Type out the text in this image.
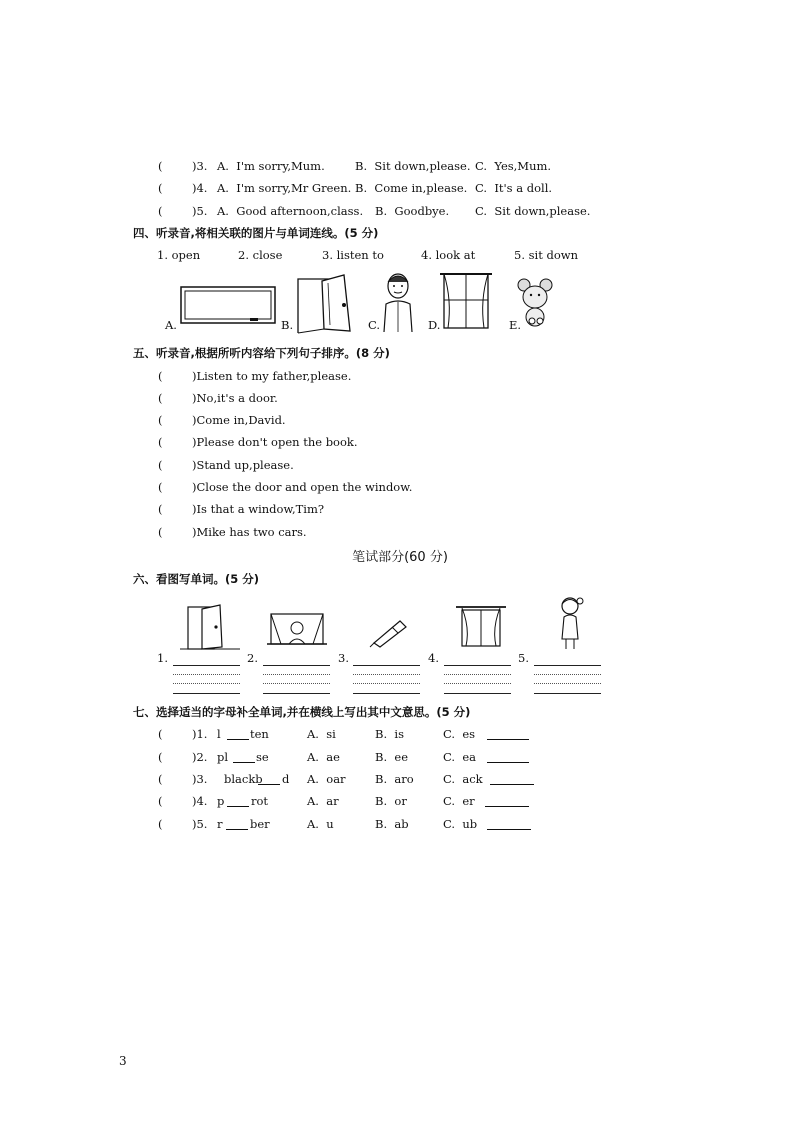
(	)3. A.  I'm sorry,Mum.	B.  Sit down,please. C.  Yes,Mum.
(	)4. A.  I'm sorry,Mr Green. B.  Come in,please. C.  It's a doll.
(	)5. A.  Good afternoon,class. B.  Goodbye. C.  Sit down,please.
四、听录音,将相关联的图片与单词连线。(5 分)
1. open	2. close	3. listen to	4. look at	5. sit down
A.	B.	C.	D.	E.
五、听录音,根据所听内容给下列句子排序。(8 分)
(	)Listen to my father,please.
(	)No,it's a door.
(	)Come in,David.
(	)Please don't open the book.
(	)Stand up,please.
(	)Close the door and open the window.
(	)Is that a window,Tim?
(	)Mike has two cars.
笔试部分(60 分)
六、看图写单词。(5 分)
1.	2.	3.	4.	5.
七、选择适当的字母补全单词,并在横线上写出其中文意思。(5 分)
(	)1. l	ten	A.  si	B.  is	C.  es
(	)2. pl se	A.  ae	B.  ee	C.  ea
(	)3. blackb d A.  oar	B.  aro	C.  ack
(	)4. p rot	A.  ar	B.  or	C.  er
(	)5. r ber	A.  u	B.  ab	C.  ub
3
